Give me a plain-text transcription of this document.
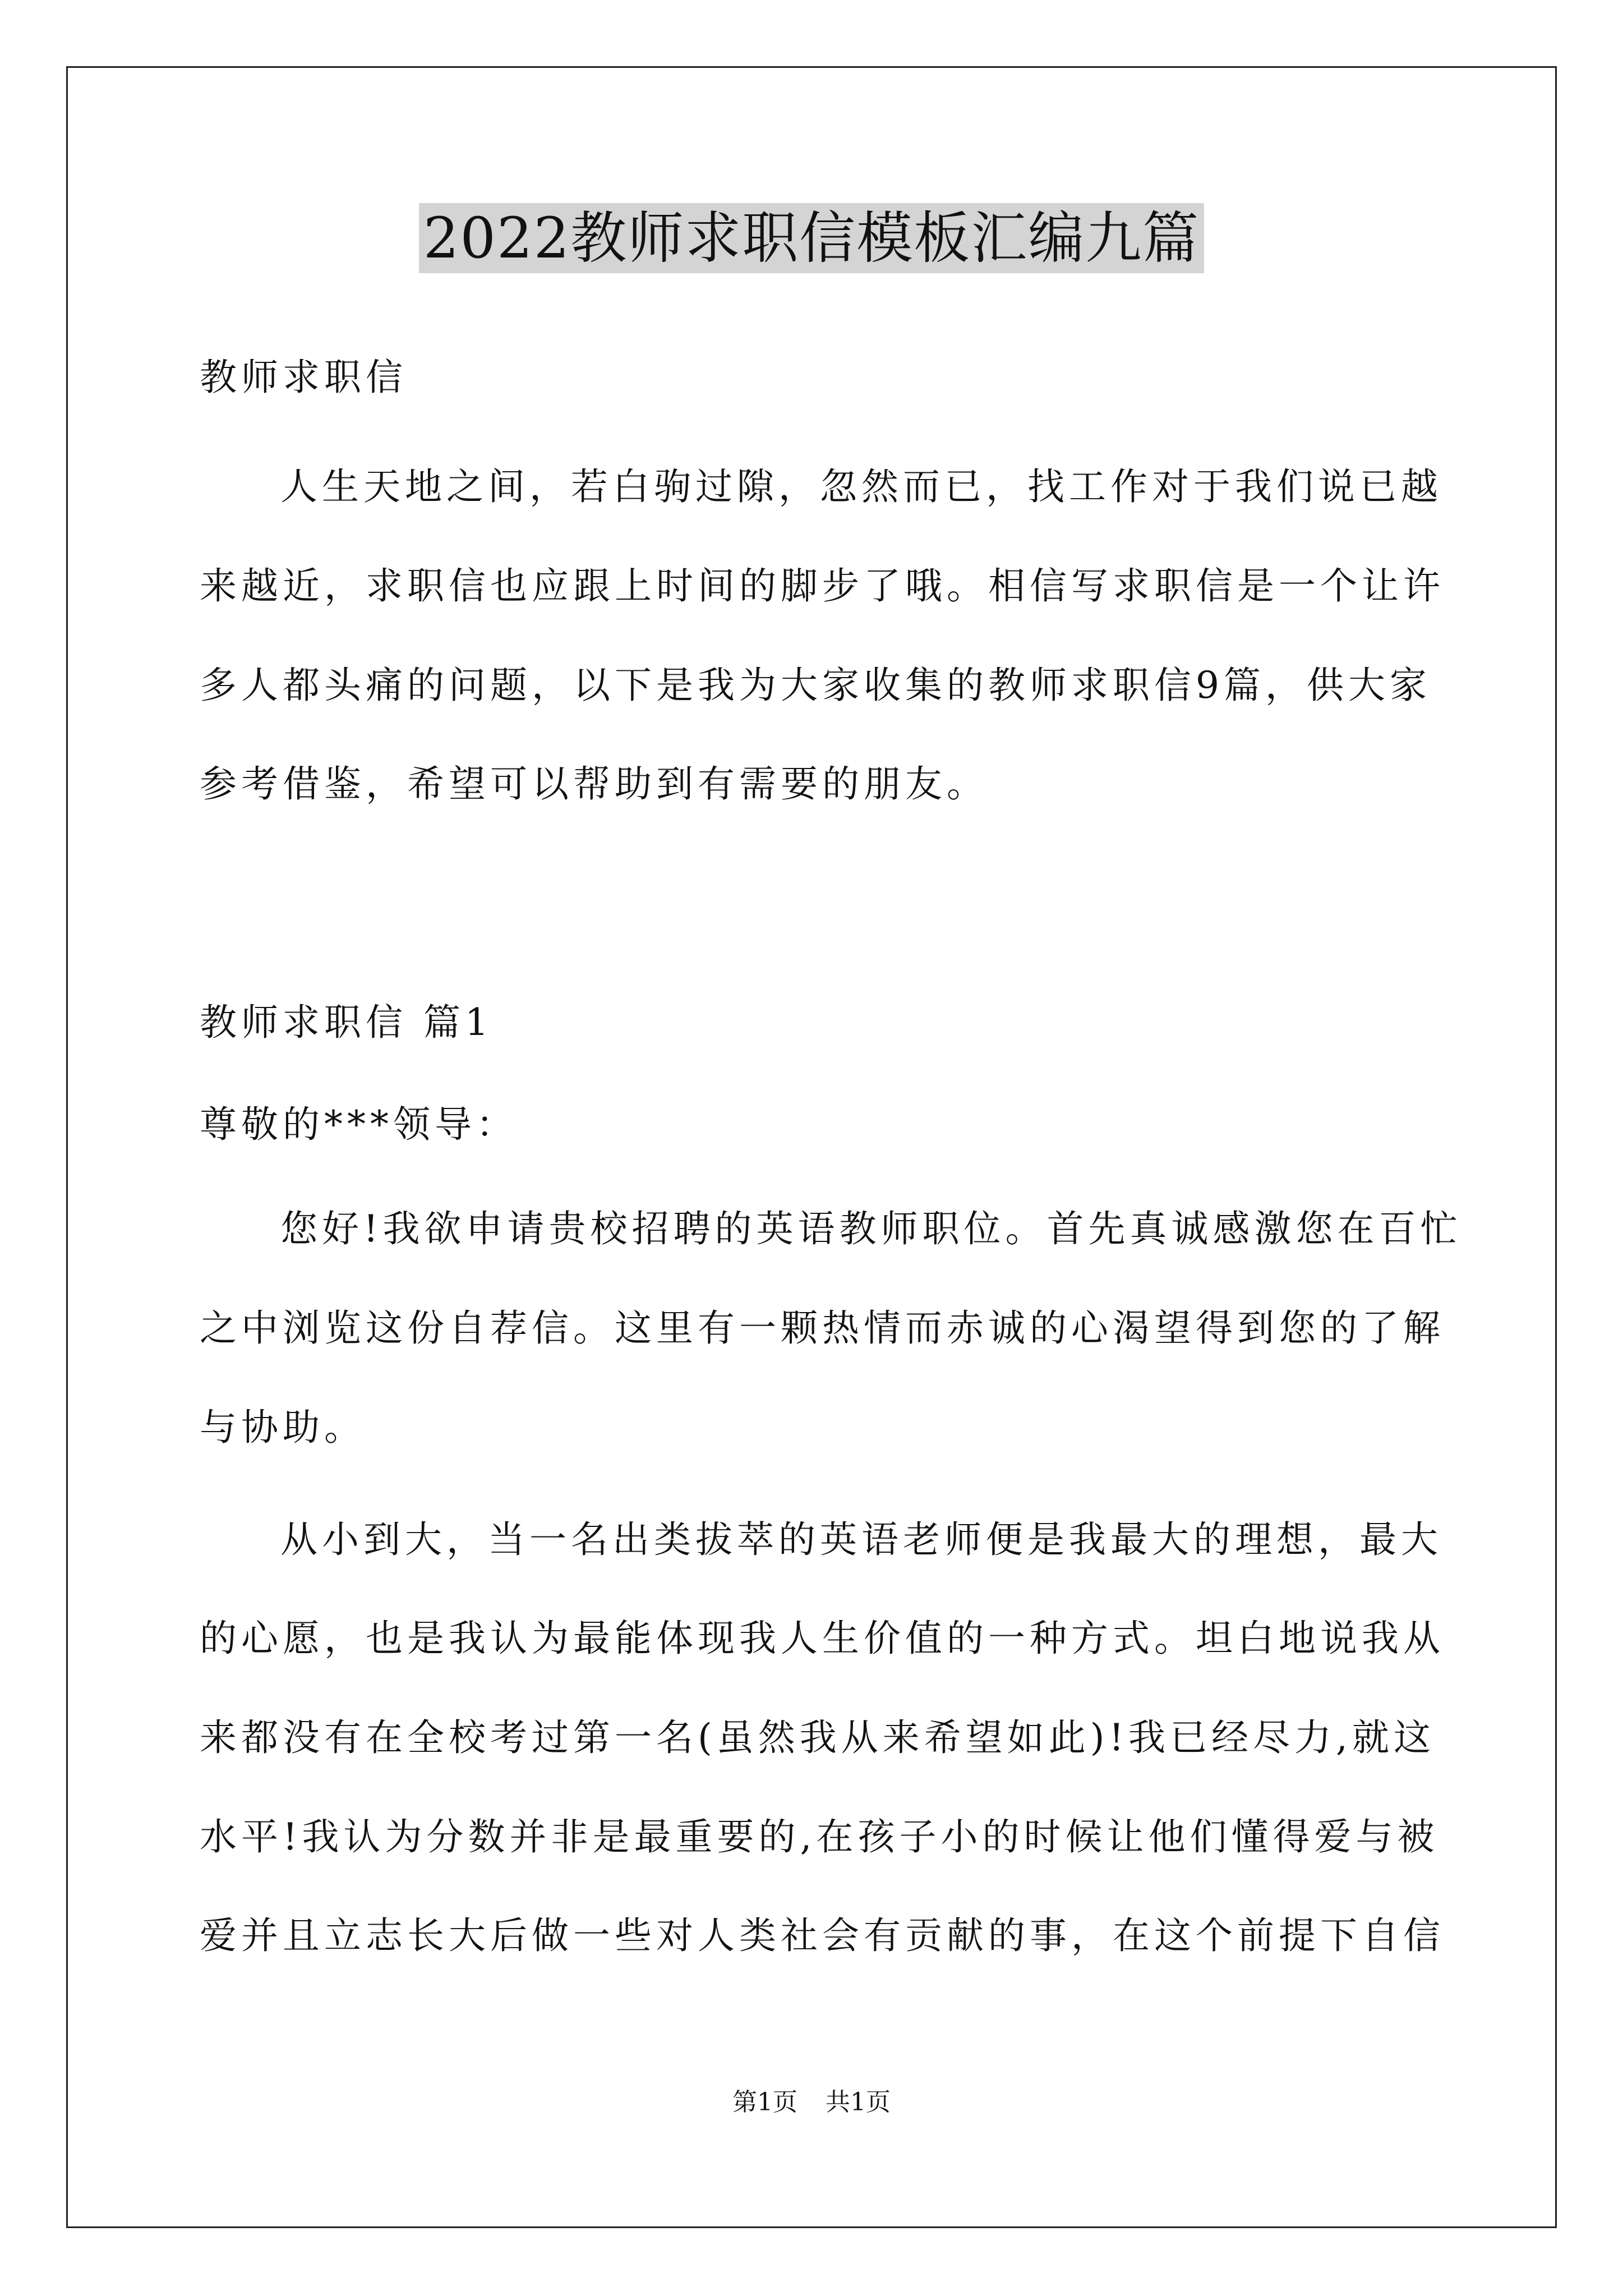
2022教师求职信模板汇编九篇
教师求职信
人生天地之间，若白驹过隙，忽然而已，找工作对于我们说已越
来越近，求职信也应跟上时间的脚步了哦。相信写求职信是一个让许
多人都头痛的问题，以下是我为大家收集的教师求职信9篇，供大家
参考借鉴，希望可以帮助到有需要的朋友。
教师求职信 篇1
尊敬的***领导：
您好!我欲申请贵校招聘的英语教师职位。首先真诚感激您在百忙
之中浏览这份自荐信。这里有一颗热情而赤诚的心渴望得到您的了解
与协助。
从小到大，当一名出类拔萃的英语老师便是我最大的理想，最大
的心愿，也是我认为最能体现我人生价值的一种方式。坦白地说我从
来都没有在全校考过第一名(虽然我从来希望如此)!我已经尽力,就这
水平!我认为分数并非是最重要的,在孩子小的时候让他们懂得爱与被
爱并且立志长大后做一些对人类社会有贡献的事，在这个前提下自信
第1页 共1页
